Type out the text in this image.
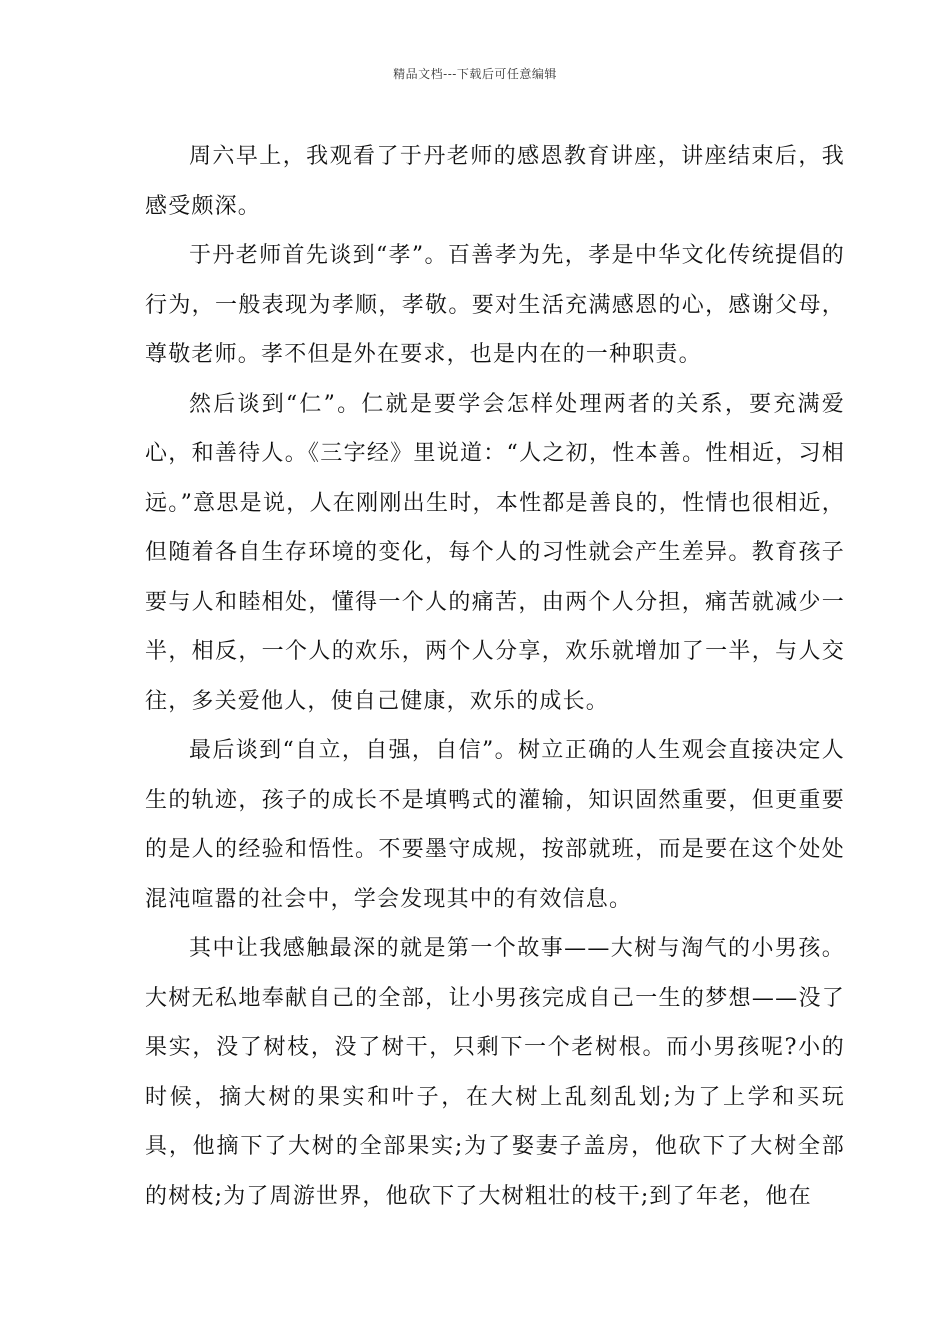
精品文档---下载后可任意编辑

周六早上，我观看了于丹老师的感恩教育讲座，讲座结束后，我感受颇深。

于丹老师首先谈到“孝”。百善孝为先，孝是中华文化传统提倡的行为，一般表现为孝顺，孝敬。要对生活充满感恩的心，感谢父母，尊敬老师。孝不但是外在要求，也是内在的一种职责。

然后谈到“仁”。仁就是要学会怎样处理两者的关系，要充满爱心，和善待人。《三字经》里说道：“人之初，性本善。性相近，习相远。”意思是说，人在刚刚出生时，本性都是善良的，性情也很相近，但随着各自生存环境的变化，每个人的习性就会产生差异。教育孩子要与人和睦相处，懂得一个人的痛苦，由两个人分担，痛苦就减少一半，相反，一个人的欢乐，两个人分享，欢乐就增加了一半，与人交往，多关爱他人，使自己健康，欢乐的成长。

最后谈到“自立，自强，自信”。树立正确的人生观会直接决定人生的轨迹，孩子的成长不是填鸭式的灌输，知识固然重要，但更重要的是人的经验和悟性。不要墨守成规，按部就班，而是要在这个处处混沌喧嚣的社会中，学会发现其中的有效信息。

其中让我感触最深的就是第一个故事——大树与淘气的小男孩。大树无私地奉献自己的全部，让小男孩完成自己一生的梦想——没了果实，没了树枝，没了树干，只剩下一个老树根。而小男孩呢?小的时候，摘大树的果实和叶子，在大树上乱刻乱划;为了上学和买玩具，他摘下了大树的全部果实;为了娶妻子盖房，他砍下了大树全部的树枝;为了周游世界，他砍下了大树粗壮的枝干;到了年老，他在
